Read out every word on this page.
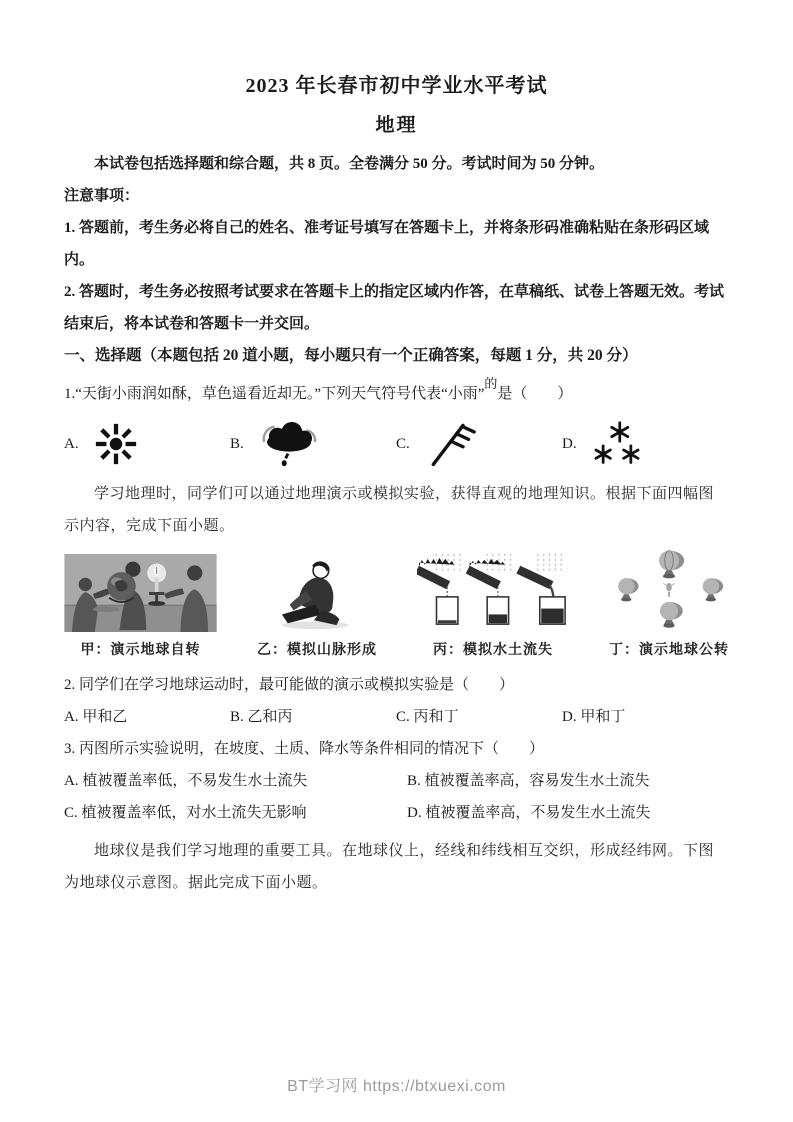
2023 年长春市初中学业水平考试
地理

本试卷包括选择题和综合题，共 8 页。全卷满分 50 分。考试时间为 50 分钟。

注意事项：

1. 答题前，考生务必将自己的姓名、准考证号填写在答题卡上，并将条形码准确粘贴在条形码区域内。

2. 答题时，考生务必按照考试要求在答题卡上的指定区域内作答，在草稿纸、试卷上答题无效。考试结束后，将本试卷和答题卡一并交回。

一、选择题（本题包括 20 道小题，每小题只有一个正确答案，每题 1 分，共 20 分）

1.“天街小雨润如酥，草色遥看近却无。”下列天气符号代表“小雨”$^的$是（　　）

A.	B.	C.	D.

学习地理时，同学们可以通过地理演示或模拟实验，获得直观的地理知识。根据下面四幅图示内容，完成下面小题。

甲：演示地球自转	乙：模拟山脉形成	丙：模拟水土流失	丁：演示地球公转

2. 同学们在学习地球运动时，最可能做的演示或模拟实验是（　　）

A. 甲和乙	B. 乙和丙	C. 丙和丁	D. 甲和丁

3. 丙图所示实验说明，在坡度、土质、降水等条件相同的情况下（　　）

A. 植被覆盖率低，不易发生水土流失	B. 植被覆盖率高，容易发生水土流失
C. 植被覆盖率低，对水土流失无影响	D. 植被覆盖率高，不易发生水土流失

地球仪是我们学习地理的重要工具。在地球仪上，经线和纬线相互交织，形成经纬网。下图为地球仪示意图。据此完成下面小题。

BT学习网 https://btxuexi.com
